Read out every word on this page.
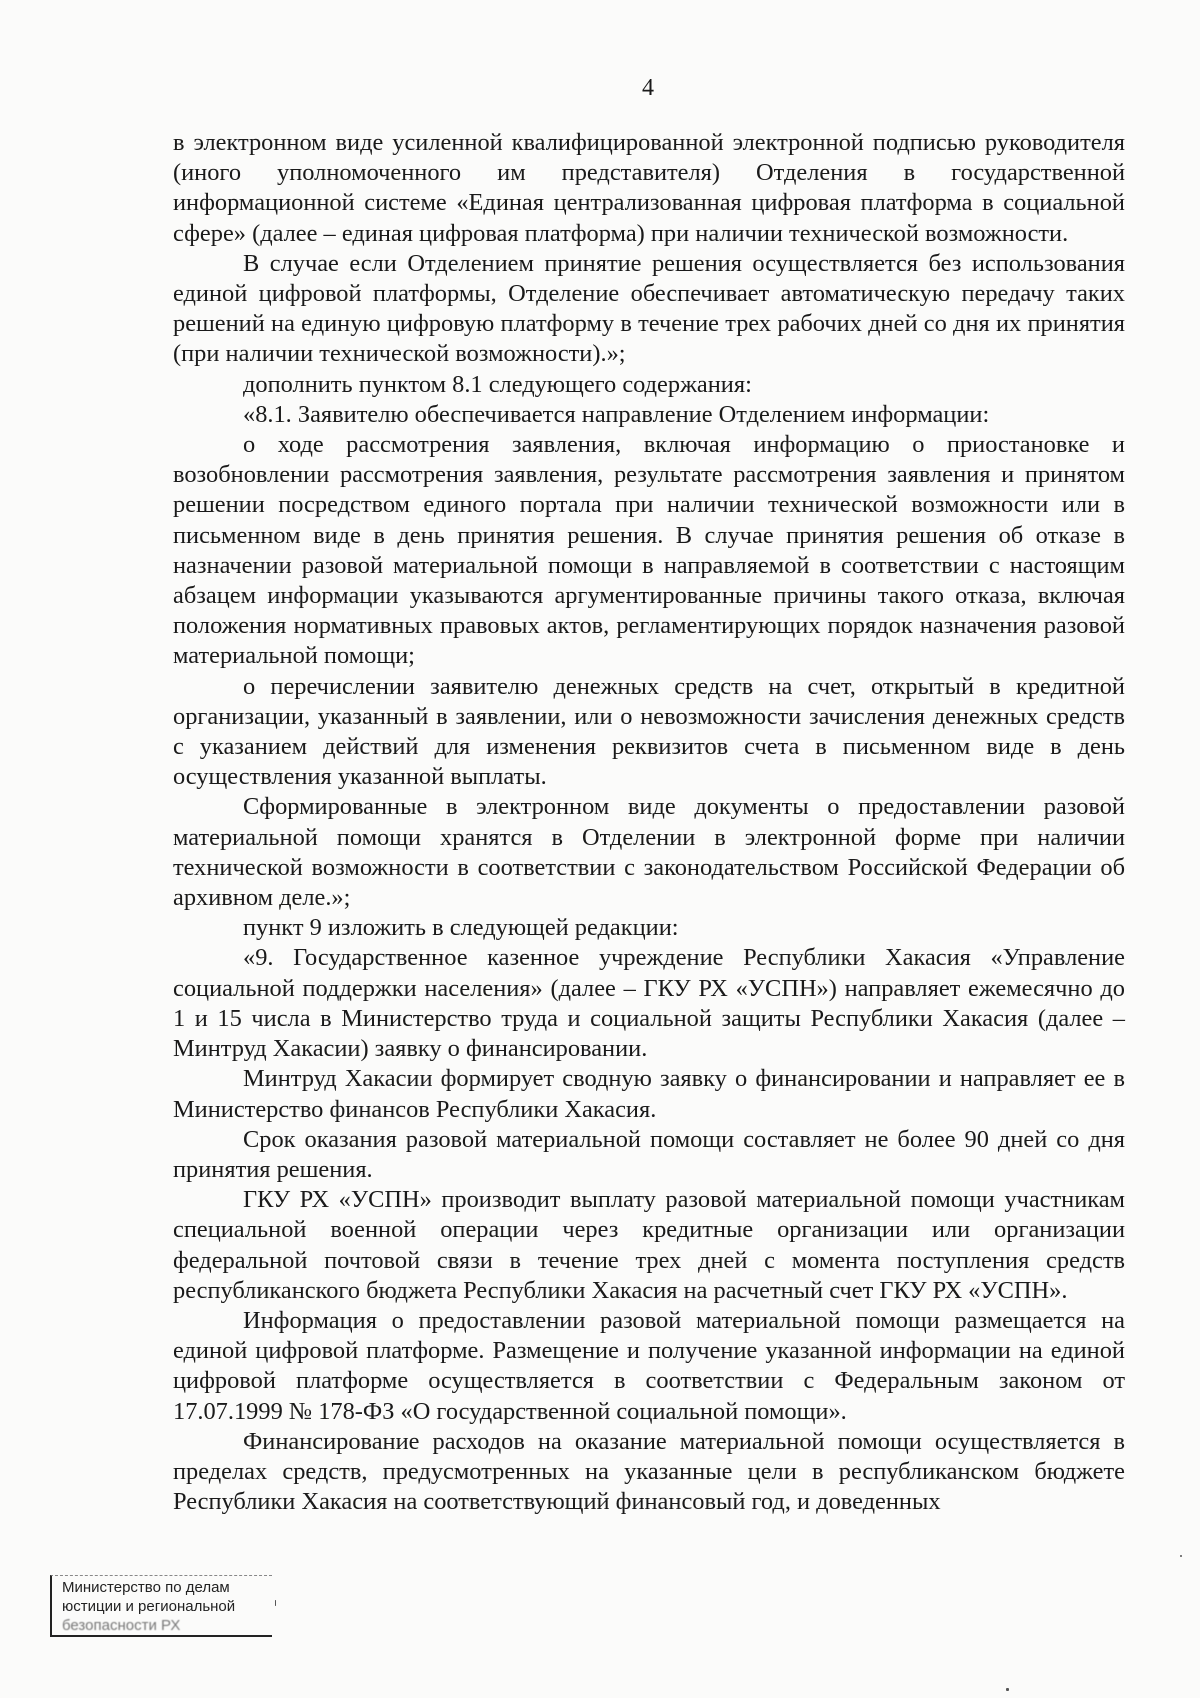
4

в электронном виде усиленной квалифицированной электронной подписью руководителя (иного уполномоченного им представителя) Отделения в государственной информационной системе «Единая централизованная цифровая платформа в социальной сфере» (далее – единая цифровая платформа) при наличии технической возможности.

В случае если Отделением принятие решения осуществляется без использования единой цифровой платформы, Отделение обеспечивает автоматическую передачу таких решений на единую цифровую платформу в течение трех рабочих дней со дня их принятия (при наличии технической возможности).»;

дополнить пунктом 8.1 следующего содержания:

«8.1. Заявителю обеспечивается направление Отделением информации:

о ходе рассмотрения заявления, включая информацию о приостановке и возобновлении рассмотрения заявления, результате рассмотрения заявления и принятом решении посредством единого портала при наличии технической возможности или в письменном виде в день принятия решения. В случае принятия решения об отказе в назначении разовой материальной помощи в направляемой в соответствии с настоящим абзацем информации указываются аргументированные причины такого отказа, включая положения нормативных правовых актов, регламентирующих порядок назначения разовой материальной помощи;

о перечислении заявителю денежных средств на счет, открытый в кредитной организации, указанный в заявлении, или о невозможности зачисления денежных средств с указанием действий для изменения реквизитов счета в письменном виде в день осуществления указанной выплаты.

Сформированные в электронном виде документы о предоставлении разовой материальной помощи хранятся в Отделении в электронной форме при наличии технической возможности в соответствии с законодательством Российской Федерации об архивном деле.»;

пункт 9 изложить в следующей редакции:

«9. Государственное казенное учреждение Республики Хакасия «Управление социальной поддержки населения» (далее – ГКУ РХ «УСПН») направляет ежемесячно до 1 и 15 числа в Министерство труда и социальной защиты Республики Хакасия (далее – Минтруд Хакасии) заявку о финансировании.

Минтруд Хакасии формирует сводную заявку о финансировании и направляет ее в Министерство финансов Республики Хакасия.

Срок оказания разовой материальной помощи составляет не более 90 дней со дня принятия решения.

ГКУ РХ «УСПН» производит выплату разовой материальной помощи участникам специальной военной операции через кредитные организации или организации федеральной почтовой связи в течение трех дней с момента поступления средств республиканского бюджета Республики Хакасия на расчетный счет ГКУ РХ «УСПН».

Информация о предоставлении разовой материальной помощи размещается на единой цифровой платформе. Размещение и получение указанной информации на единой цифровой платформе осуществляется в соответствии с Федеральным законом от 17.07.1999 № 178-ФЗ «О государственной социальной помощи».

Финансирование расходов на оказание материальной помощи осуществляется в пределах средств, предусмотренных на указанные цели в республиканском бюджете Республики Хакасия на соответствующий финансовый год, и доведенных

Министерство по делам
юстиции и региональной
безопасности РХ
